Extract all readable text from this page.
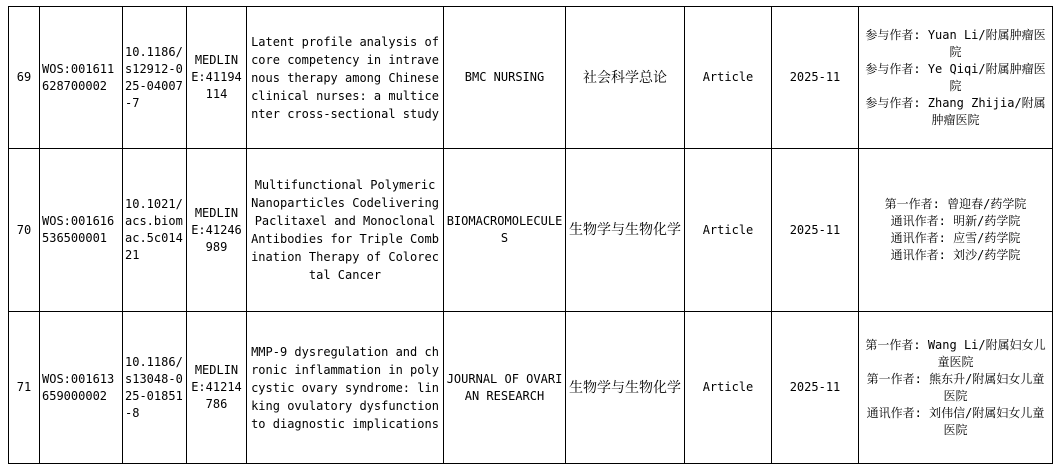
69	WOS:001611628700002	10.1186/s12912-025-04007-7	MEDLINE:41194114	Latent profile analysis of core competency in intravenous therapy among Chinese clinical nurses: a multicenter cross-sectional study	BMC NURSING	社会科学总论	Article	2025-11	参与作者: Yuan Li/附属肿瘤医院
参与作者: Ye Qiqi/附属肿瘤医院
参与作者: Zhang Zhijia/附属肿瘤医院

70	WOS:001616536500001	10.1021/acs.biomac.5c01421	MEDLINE:41246989	Multifunctional Polymeric Nanoparticles Codelivering Paclitaxel and Monoclonal Antibodies for Triple Combination Therapy of Colorectal Cancer	BIOMACROMOLECULES	生物学与生物化学	Article	2025-11	第一作者: 曾迎春/药学院
通讯作者: 明新/药学院
通讯作者: 应雪/药学院
通讯作者: 刘沙/药学院

71	WOS:001613659000002	10.1186/s13048-025-01851-8	MEDLINE:41214786	MMP-9 dysregulation and chronic inflammation in polycystic ovary syndrome: linking ovulatory dysfunction to diagnostic implications	JOURNAL OF OVARIAN RESEARCH	生物学与生物化学	Article	2025-11	第一作者: Wang Li/附属妇女儿童医院
第一作者: 熊东升/附属妇女儿童医院
通讯作者: 刘伟信/附属妇女儿童医院
